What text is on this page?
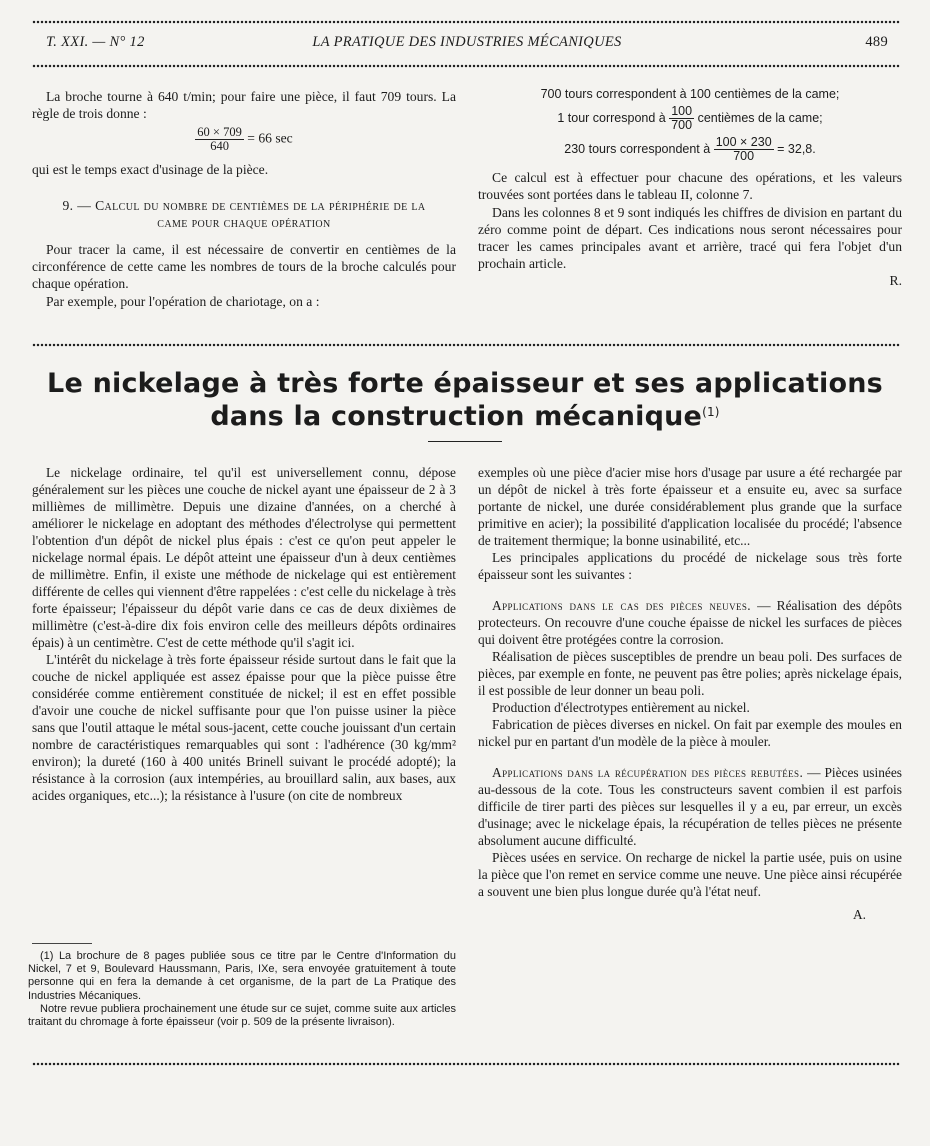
T. XXI. — N° 12	LA PRATIQUE DES INDUSTRIES MÉCANIQUES	489

La broche tourne à 640 t/min; pour faire une pièce, il faut 709 tours. La règle de trois donne :

$\frac{60 \times 709}{640} = 66$ sec

qui est le temps exact d'usinage de la pièce.

9. — Calcul du nombre de centièmes de la périphérie de la came pour chaque opération

Pour tracer la came, il est nécessaire de convertir en centièmes de la circonférence de cette came les nombres de tours de la broche calculés pour chaque opération.

Par exemple, pour l'opération de chariotage, on a :

700 tours correspondent à 100 centièmes de la came;
1 tour correspond à $\frac{100}{700}$ centièmes de la came;
230 tours correspondent à $\frac{100 \times 230}{700} = 32,8$.

Ce calcul est à effectuer pour chacune des opérations, et les valeurs trouvées sont portées dans le tableau II, colonne 7.

Dans les colonnes 8 et 9 sont indiqués les chiffres de division en partant du zéro comme point de départ. Ces indications nous seront nécessaires pour tracer les cames principales avant et arrière, tracé qui fera l'objet d'un prochain article.

R.

Le nickelage à très forte épaisseur et ses applications
dans la construction mécanique$^{(1)}$

Le nickelage ordinaire, tel qu'il est universellement connu, dépose généralement sur les pièces une couche de nickel ayant une épaisseur de 2 à 3 millièmes de millimètre. Depuis une dizaine d'années, on a cherché à améliorer le nickelage en adoptant des méthodes d'électrolyse qui permettent l'obtention d'un dépôt de nickel plus épais : c'est ce qu'on peut appeler le nickelage normal épais. Le dépôt atteint une épaisseur d'un à deux centièmes de millimètre. Enfin, il existe une méthode de nickelage qui est entièrement différente de celles qui viennent d'être rappelées : c'est celle du nickelage à très forte épaisseur; l'épaisseur du dépôt varie dans ce cas de deux dixièmes de millimètre (c'est-à-dire dix fois environ celle des meilleurs dépôts ordinaires épais) à un centimètre. C'est de cette méthode qu'il s'agit ici.

L'intérêt du nickelage à très forte épaisseur réside surtout dans le fait que la couche de nickel appliquée est assez épaisse pour que la pièce puisse être considérée comme entièrement constituée de nickel; il est en effet possible d'avoir une couche de nickel suffisante pour que l'on puisse usiner la pièce sans que l'outil attaque le métal sous-jacent, cette couche jouissant d'un certain nombre de caractéristiques remarquables qui sont : l'adhérence (30 kg/mm² environ); la dureté (160 à 400 unités Brinell suivant le procédé adopté); la résistance à la corrosion (aux intempéries, au brouillard salin, aux bases, aux acides organiques, etc...); la résistance à l'usure (on cite de nombreux

exemples où une pièce d'acier mise hors d'usage par usure a été rechargée par un dépôt de nickel à très forte épaisseur et a ensuite eu, avec sa surface portante de nickel, une durée considérablement plus grande que la surface primitive en acier); la possibilité d'application localisée du procédé; l'absence de traitement thermique; la bonne usinabilité, etc...

Les principales applications du procédé de nickelage sous très forte épaisseur sont les suivantes :

Applications dans le cas des pièces neuves. — Réalisation des dépôts protecteurs. On recouvre d'une couche épaisse de nickel les surfaces de pièces qui doivent être protégées contre la corrosion.

Réalisation de pièces susceptibles de prendre un beau poli. Des surfaces de pièces, par exemple en fonte, ne peuvent pas être polies; après nickelage épais, il est possible de leur donner un beau poli.

Production d'électrotypes entièrement au nickel.

Fabrication de pièces diverses en nickel. On fait par exemple des moules en nickel pur en partant d'un modèle de la pièce à mouler.

Applications dans la récupération des pièces rebutées. — Pièces usinées au-dessous de la cote. Tous les constructeurs savent combien il est parfois difficile de tirer parti des pièces sur lesquelles il y a eu, par erreur, un excès d'usinage; avec le nickelage épais, la récupération de telles pièces ne présente absolument aucune difficulté.

Pièces usées en service. On recharge de nickel la partie usée, puis on usine la pièce que l'on remet en service comme une neuve. Une pièce ainsi récupérée a souvent une bien plus longue durée qu'à l'état neuf.

A.

(1) La brochure de 8 pages publiée sous ce titre par le Centre d'Information du Nickel, 7 et 9, Boulevard Haussmann, Paris, IXe, sera envoyée gratuitement à toute personne qui en fera la demande à cet organisme, de la part de La Pratique des Industries Mécaniques.

Notre revue publiera prochainement une étude sur ce sujet, comme suite aux articles traitant du chromage à forte épaisseur (voir p. 509 de la présente livraison).
